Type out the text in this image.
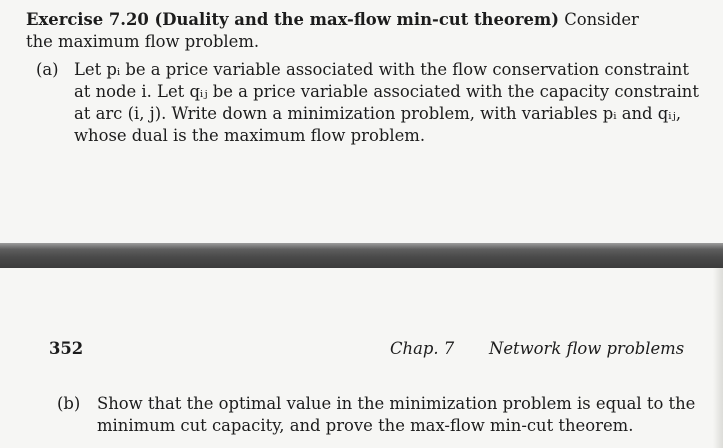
Exercise 7.20 (Duality and the max-flow min-cut theorem) Consider
the maximum flow problem.
(a) Let pᵢ be a price variable associated with the flow conservation constraint
at node i. Let qᵢⱼ be a price variable associated with the capacity constraint
at arc (i, j). Write down a minimization problem, with variables pᵢ and qᵢⱼ,
whose dual is the maximum flow problem.
352	Chap. 7 Network flow problems
(b) Show that the optimal value in the minimization problem is equal to the
minimum cut capacity, and prove the max-flow min-cut theorem.
